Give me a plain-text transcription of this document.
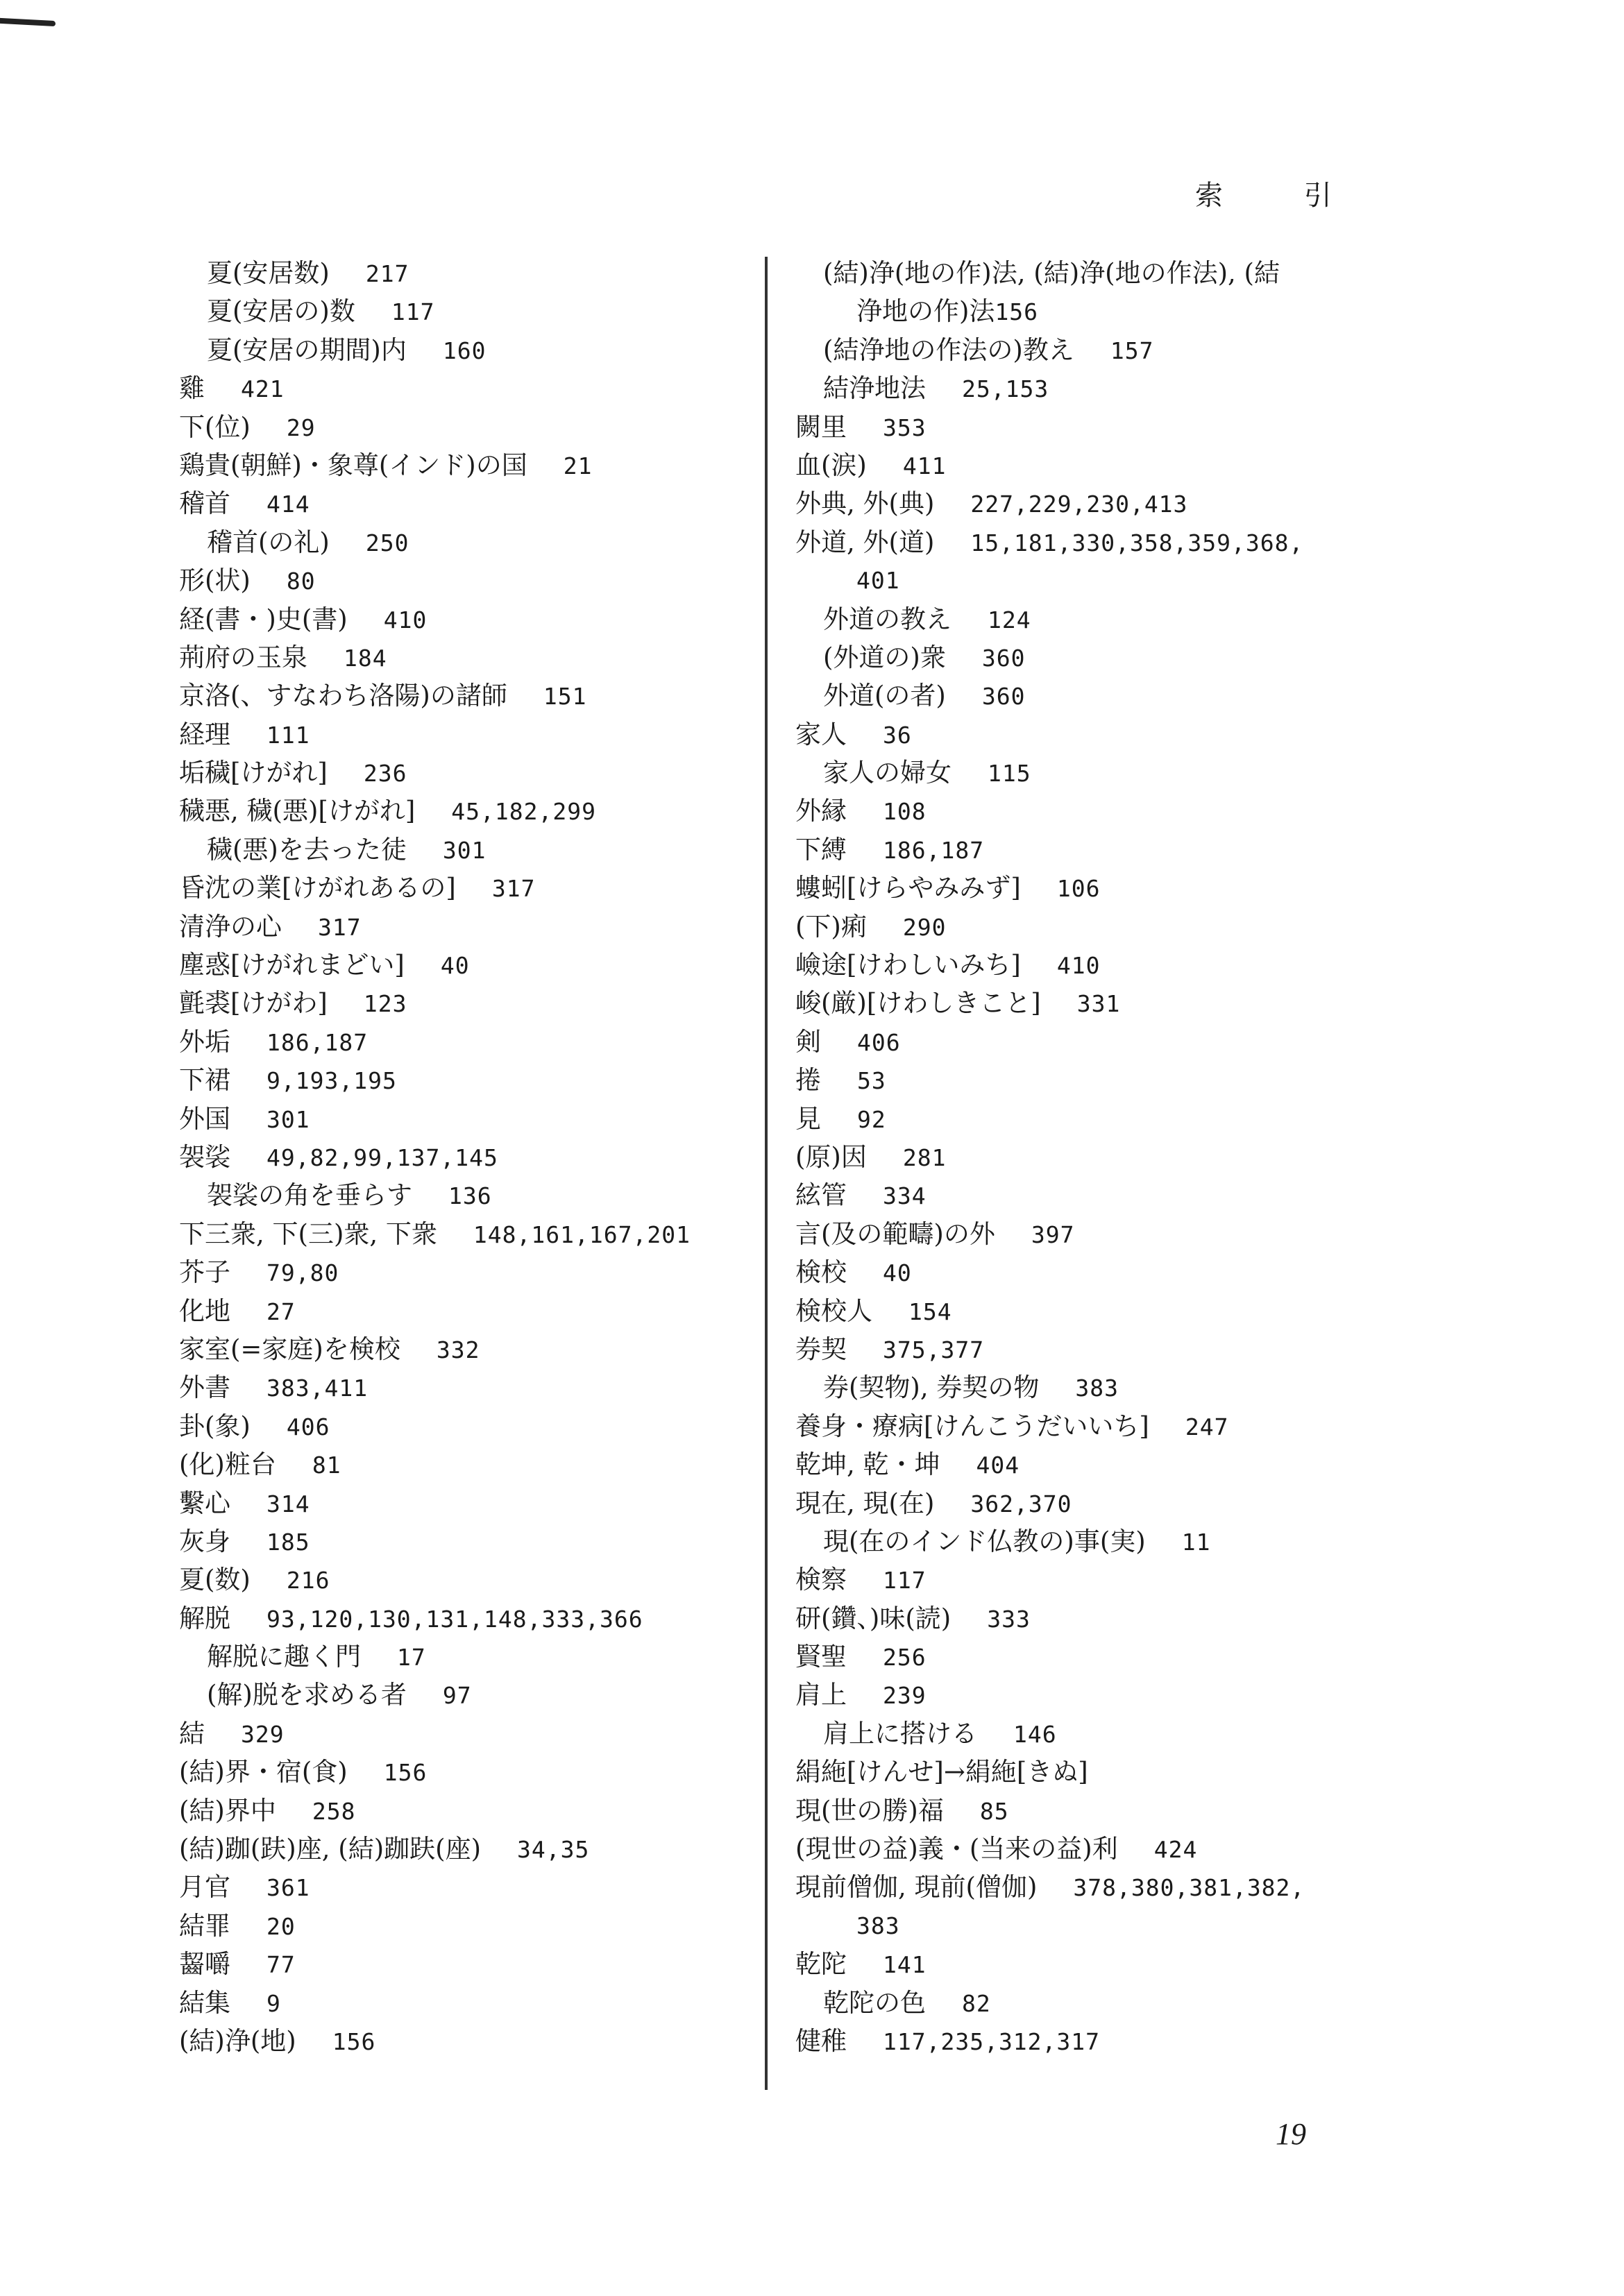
索 引
夏(安居数) 217
夏(安居の)数 117
夏(安居の期間)内 160
雞 421
下(位) 29
鶏貴(朝鮮)・象尊(インド)の国 21
稽首 414
稽首(の礼) 250
形(状) 80
経(書・)史(書) 410
荊府の玉泉 184
京洛(、すなわち洛陽)の諸師 151
経理 111
垢穢[けがれ] 236
穢悪, 穢(悪)[けがれ] 45,182,299
穢(悪)を去った徒 301
昏沈の業[けがれあるの] 317
清浄の心 317
塵惑[けがれまどい] 40
氈裘[けがわ] 123
外垢 186,187
下裙 9,193,195
外国 301
袈裟 49,82,99,137,145
袈裟の角を垂らす 136
下三衆, 下(三)衆, 下衆 148,161,167,201
芥子 79,80
化地 27
家室(=家庭)を検校 332
外書 383,411
卦(象) 406
(化)粧台 81
繫心 314
灰身 185
夏(数) 216
解脱 93,120,130,131,148,333,366
解脱に趣く門 17
(解)脱を求める者 97
結 329
(結)界・宿(食) 156
(結)界中 258
(結)跏(趺)座, (結)跏趺(座) 34,35
月官 361
結罪 20
齧嚼 77
結集 9
(結)浄(地) 156
(結)浄(地の作)法, (結)浄(地の作法), (結
浄地の作)法 156
(結浄地の作法の)教え 157
結浄地法 25,153
闕里 353
血(涙) 411
外典, 外(典) 227,229,230,413
外道, 外(道) 15,181,330,358,359,368,
401
外道の教え 124
(外道の)衆 360
外道(の者) 360
家人 36
家人の婦女 115
外縁 108
下縛 186,187
螻蚓[けらやみみず] 106
(下)痢 290
嶮途[けわしいみち] 410
峻(厳)[けわしきこと] 331
剣 406
捲 53
見 92
(原)因 281
絃管 334
言(及の範疇)の外 397
検校 40
検校人 154
券契 375,377
券(契物), 券契の物 383
養身・療病[けんこうだいいち] 247
乾坤, 乾・坤 404
現在, 現(在) 362,370
現(在のインド仏教の)事(実) 11
検察 117
研(鑽、)味(読) 333
賢聖 256
肩上 239
肩上に搭ける 146
絹絁[けんせ]→絹絁[きぬ]
現(世の勝)福 85
(現世の益)義・(当来の益)利 424
現前僧伽, 現前(僧伽) 378,380,381,382,
383
乾陀 141
乾陀の色 82
健稚 117,235,312,317
19
